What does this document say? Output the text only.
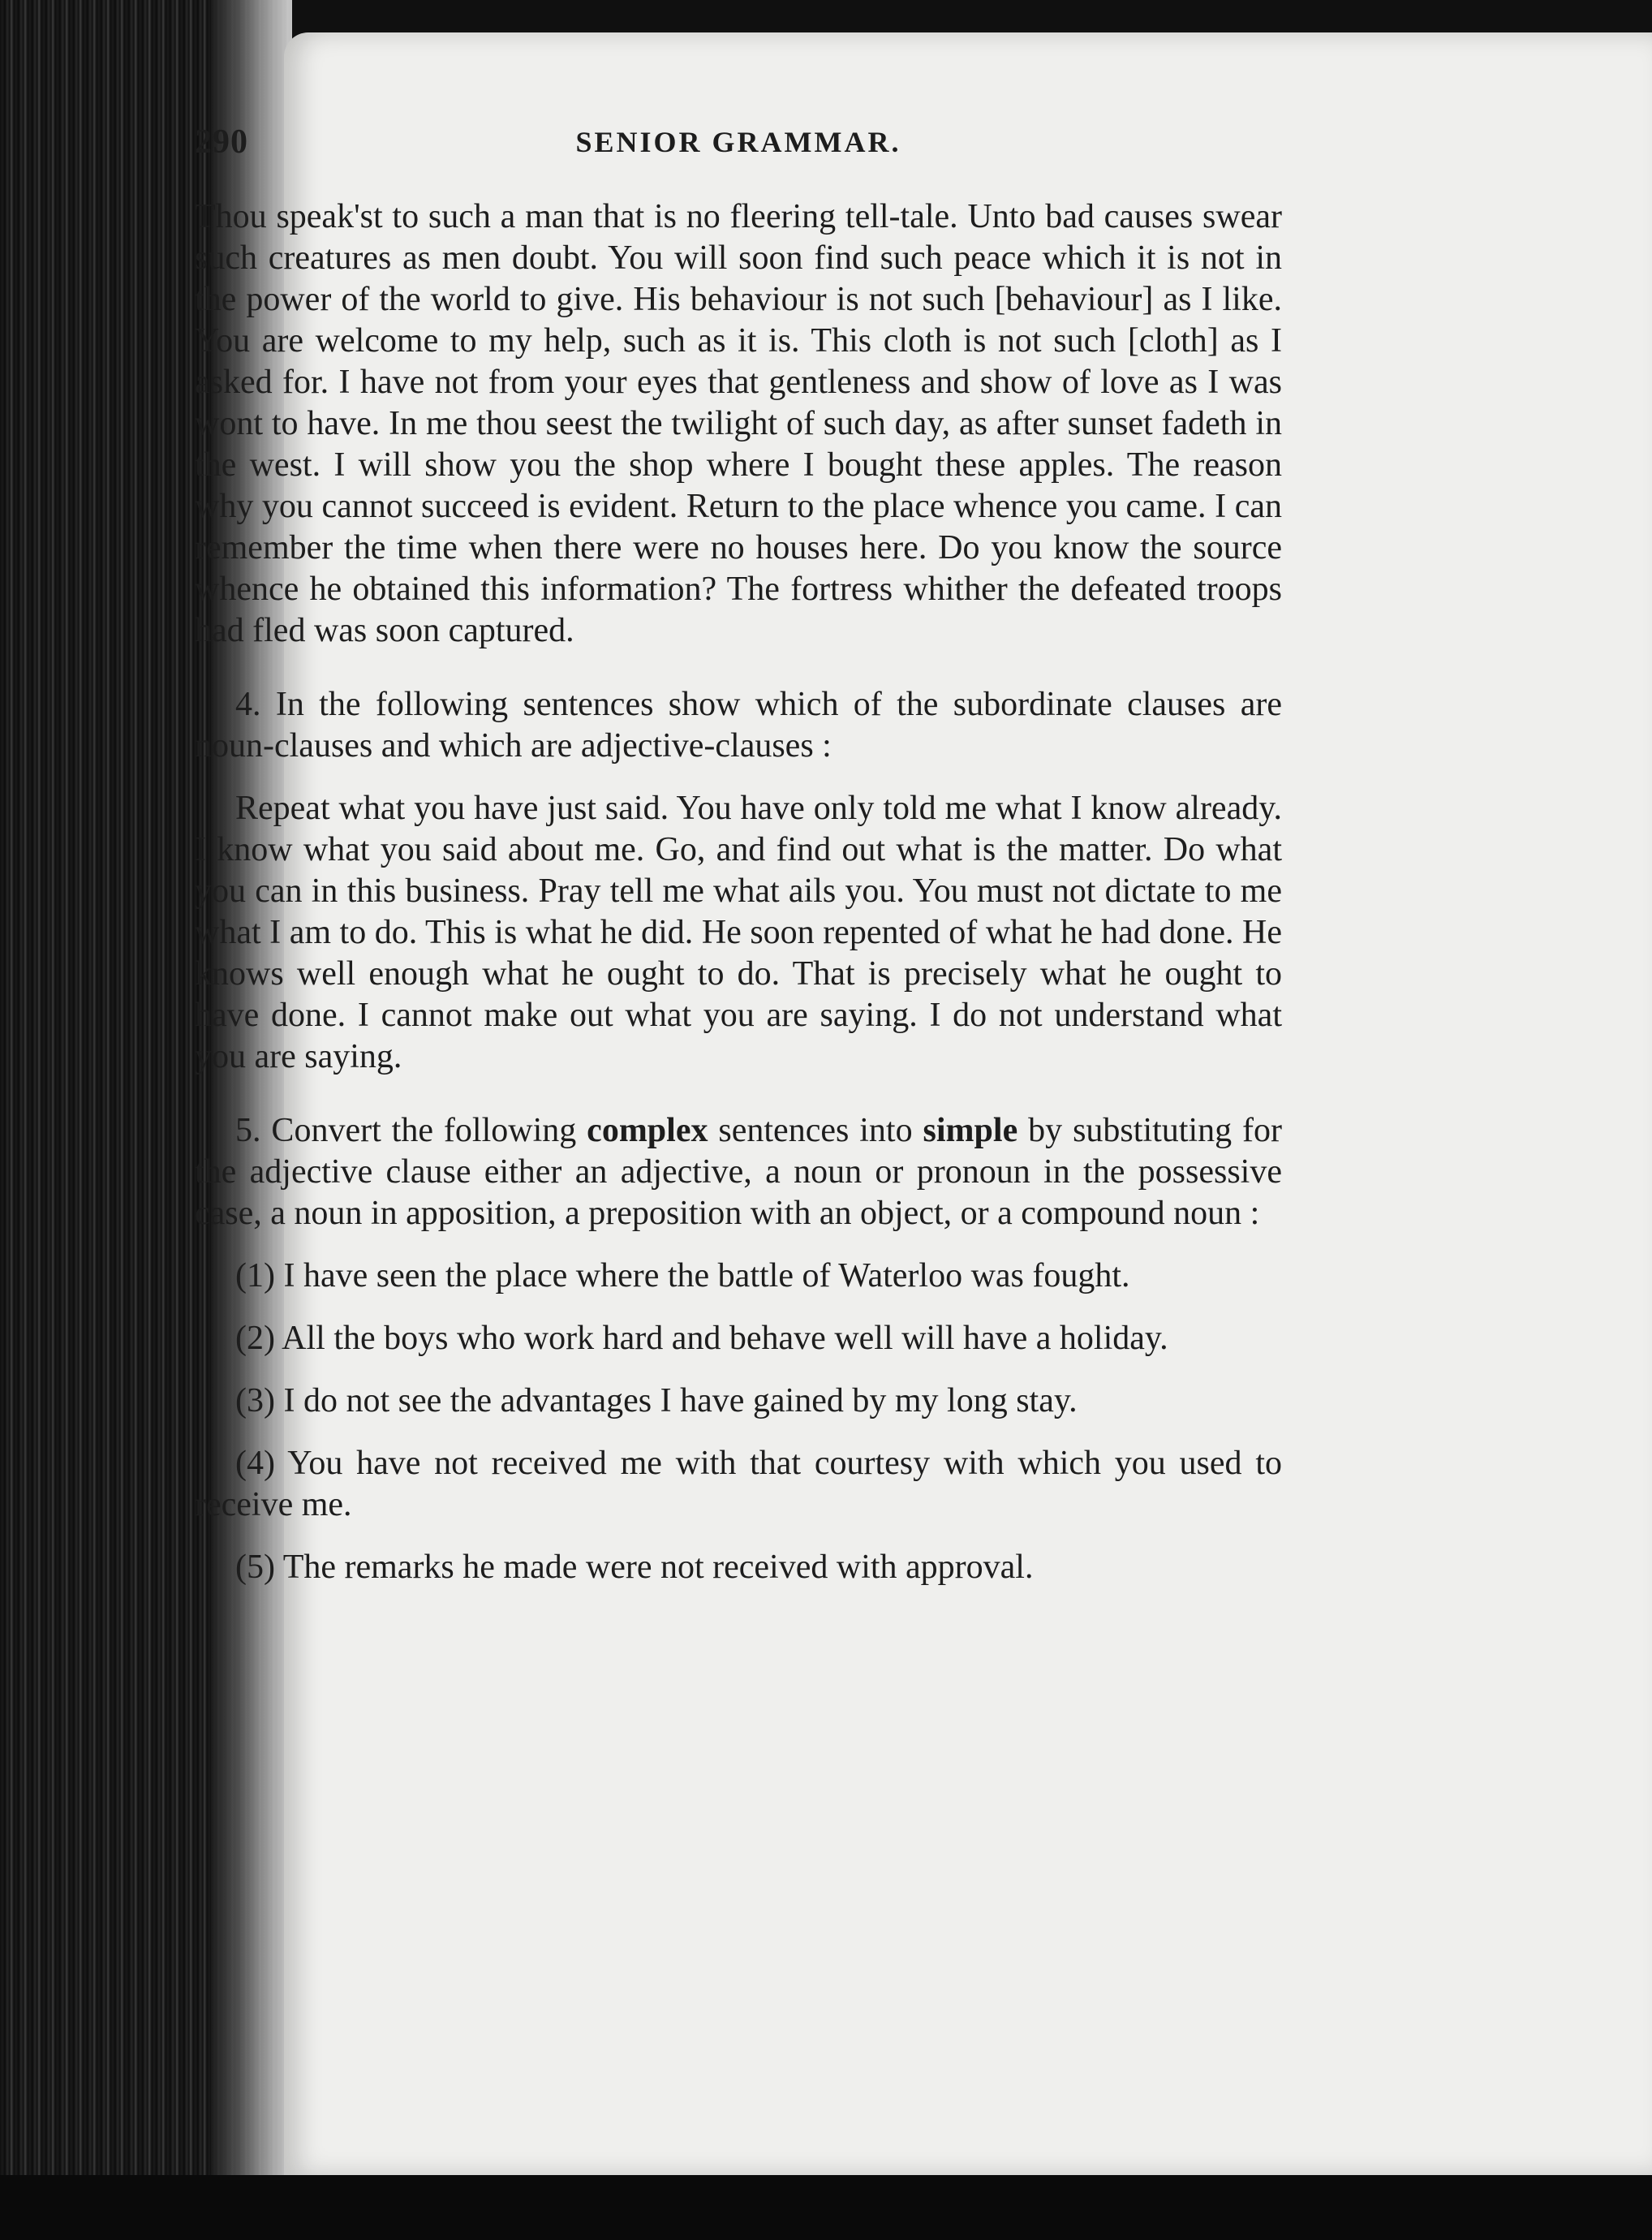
290	SENIOR GRAMMAR.

Thou speak'st to such a man that is no fleering tell-tale. Unto bad causes swear such creatures as men doubt. You will soon find such peace which it is not in the power of the world to give. His behaviour is not such [behaviour] as I like. You are welcome to my help, such as it is. This cloth is not such [cloth] as I asked for. I have not from your eyes that gentleness and show of love as I was wont to have. In me thou seest the twilight of such day, as after sunset fadeth in the west. I will show you the shop where I bought these apples. The reason why you cannot succeed is evident. Return to the place whence you came. I can remember the time when there were no houses here. Do you know the source whence he obtained this information? The fortress whither the defeated troops had fled was soon captured.

4. In the following sentences show which of the subordinate clauses are noun-clauses and which are adjective-clauses :

Repeat what you have just said. You have only told me what I know already. I know what you said about me. Go, and find out what is the matter. Do what you can in this business. Pray tell me what ails you. You must not dictate to me what I am to do. This is what he did. He soon repented of what he had done. He knows well enough what he ought to do. That is precisely what he ought to have done. I cannot make out what you are saying. I do not understand what you are saying.

5. Convert the following complex sentences into simple by substituting for the adjective clause either an adjective, a noun or pronoun in the possessive case, a noun in apposition, a preposition with an object, or a compound noun :

(1) I have seen the place where the battle of Waterloo was fought.

(2) All the boys who work hard and behave well will have a holiday.

(3) I do not see the advantages I have gained by my long stay.

(4) You have not received me with that courtesy with which you used to receive me.

(5) The remarks he made were not received with approval.
